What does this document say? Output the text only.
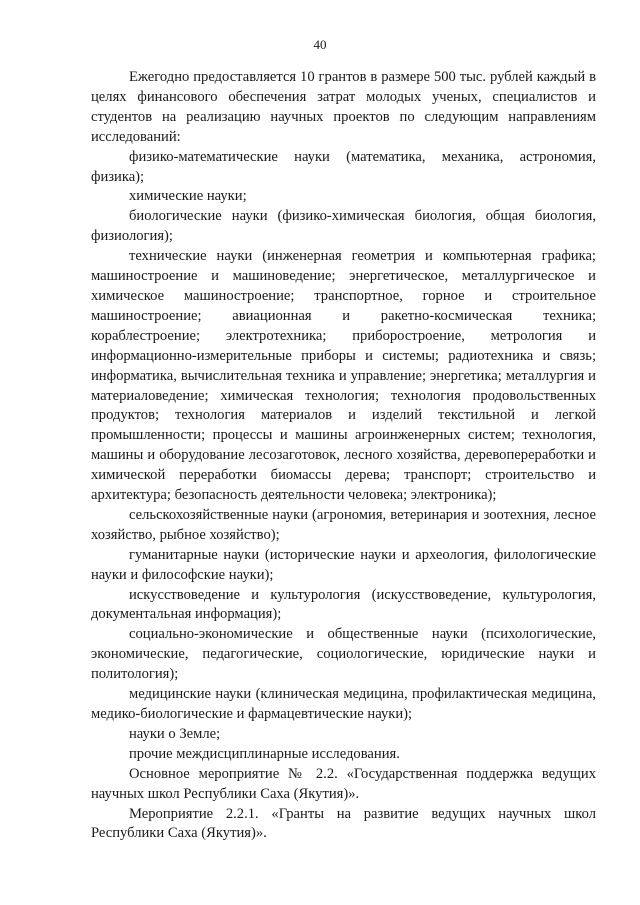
40

Ежегодно предоставляется 10 грантов в размере 500 тыс. рублей каждый в целях финансового обеспечения затрат молодых ученых, специалистов и студентов на реализацию научных проектов по следующим направлениям исследований:

физико-математические науки (математика, механика, астрономия, физика);

химические науки;

биологические науки (физико-химическая биология, общая биология, физиология);

технические науки (инженерная геометрия и компьютерная графика; машиностроение и машиноведение; энергетическое, металлургическое и химическое машиностроение; транспортное, горное и строительное машиностроение; авиационная и ракетно-космическая техника; кораблестроение; электротехника; приборостроение, метрология и информационно-измерительные приборы и системы; радиотехника и связь; информатика, вычислительная техника и управление; энергетика; металлургия и материаловедение; химическая технология; технология продовольственных продуктов; технология материалов и изделий текстильной и легкой промышленности; процессы и машины агроинженерных систем; технология, машины и оборудование лесозаготовок, лесного хозяйства, деревопереработки и химической переработки биомассы дерева; транспорт; строительство и архитектура; безопасность деятельности человека; электроника);

сельскохозяйственные науки (агрономия, ветеринария и зоотехния, лесное хозяйство, рыбное хозяйство);

гуманитарные науки (исторические науки и археология, филологические науки и философские науки);

искусствоведение и культурология (искусствоведение, культурология, документальная информация);

социально-экономические и общественные науки (психологические, экономические, педагогические, социологические, юридические науки и политология);

медицинские науки (клиническая медицина, профилактическая медицина, медико-биологические и фармацевтические науки);

науки о Земле;

прочие междисциплинарные исследования.

Основное мероприятие № 2.2. «Государственная поддержка ведущих научных школ Республики Саха (Якутия)».

Мероприятие 2.2.1. «Гранты на развитие ведущих научных школ Республики Саха (Якутия)».
